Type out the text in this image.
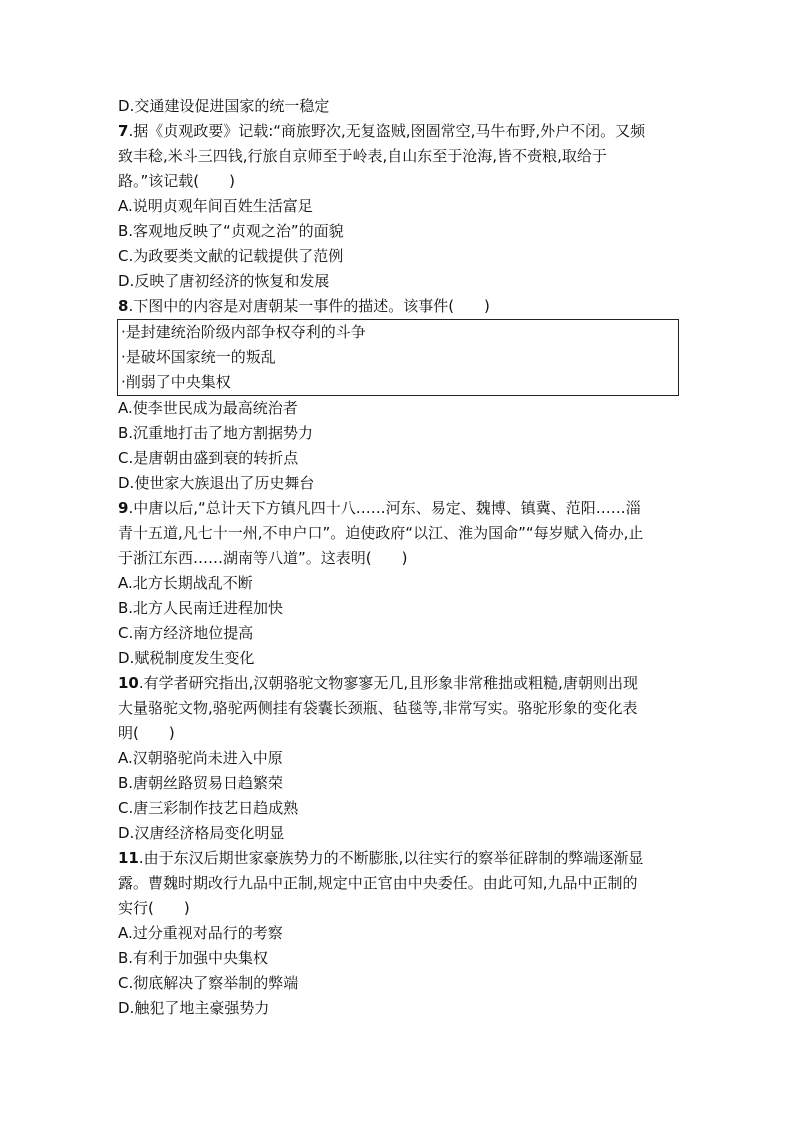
D.交通建设促进国家的统一稳定
7.据《贞观政要》记载:“商旅野次,无复盗贼,囹圄常空,马牛布野,外户不闭。又频
致丰稔,米斗三四钱,行旅自京师至于岭表,自山东至于沧海,皆不赍粮,取给于
路。”该记载(　　)
A.说明贞观年间百姓生活富足
B.客观地反映了“贞观之治”的面貌
C.为政要类文献的记载提供了范例
D.反映了唐初经济的恢复和发展
8.下图中的内容是对唐朝某一事件的描述。该事件(　　)
·是封建统治阶级内部争权夺利的斗争
·是破坏国家统一的叛乱
·削弱了中央集权
A.使李世民成为最高统治者
B.沉重地打击了地方割据势力
C.是唐朝由盛到衰的转折点
D.使世家大族退出了历史舞台
9.中唐以后,“总计天下方镇凡四十八……河东、易定、魏博、镇冀、范阳……淄
青十五道,凡七十一州,不申户口”。迫使政府“以江、淮为国命”“每岁赋入倚办,止
于浙江东西……湖南等八道”。这表明(　　)
A.北方长期战乱不断
B.北方人民南迁进程加快
C.南方经济地位提高
D.赋税制度发生变化
10.有学者研究指出,汉朝骆驼文物寥寥无几,且形象非常稚拙或粗糙,唐朝则出现
大量骆驼文物,骆驼两侧挂有袋囊长颈瓶、毡毯等,非常写实。骆驼形象的变化表
明(　　)
A.汉朝骆驼尚未进入中原
B.唐朝丝路贸易日趋繁荣
C.唐三彩制作技艺日趋成熟
D.汉唐经济格局变化明显
11.由于东汉后期世家豪族势力的不断膨胀,以往实行的察举征辟制的弊端逐渐显
露。曹魏时期改行九品中正制,规定中正官由中央委任。由此可知,九品中正制的
实行(　　)
A.过分重视对品行的考察
B.有利于加强中央集权
C.彻底解决了察举制的弊端
D.触犯了地主豪强势力
